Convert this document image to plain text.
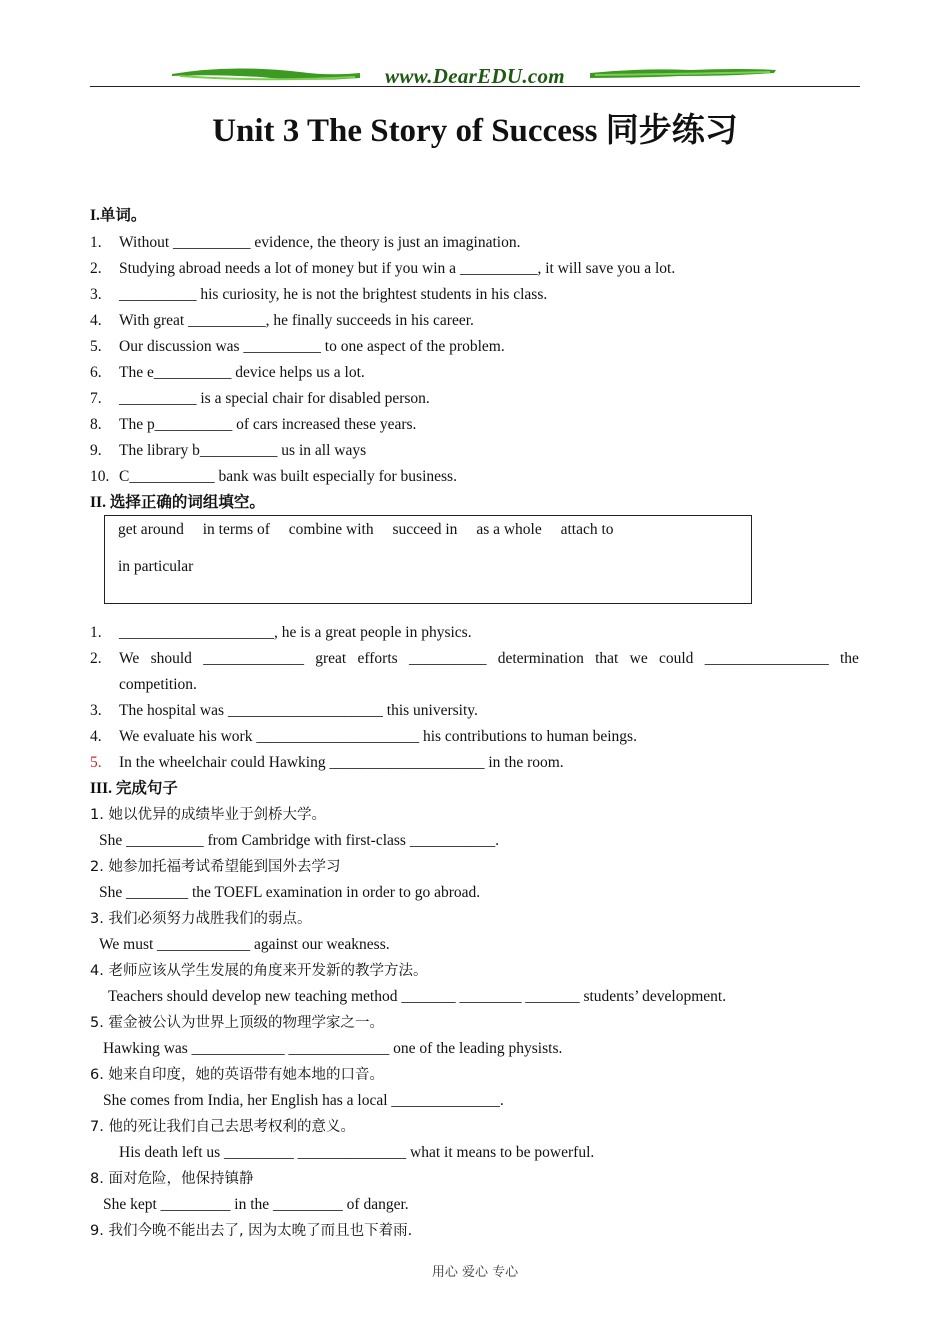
www.DearEDU.com
Unit 3 The Story of Success 同步练习
I.单词。
1. Without __________ evidence, the theory is just an imagination.
2. Studying abroad needs a lot of money but if you win a __________, it will save you a lot.
3. __________ his curiosity, he is not the brightest students in his class.
4. With great __________, he finally succeeds in his career.
5. Our discussion was __________ to one aspect of the problem.
6. The e__________ device helps us a lot.
7. __________ is a special chair for disabled person.
8. The p__________ of cars increased these years.
9. The library b__________ us in all ways
10. C___________ bank was built especially for business.
II. 选择正确的词组填空。
get around in terms of combine with succeed in as a whole attach to
in particular
1. ____________________, he is a great people in physics.
2.	We should _____________ great efforts __________ determination that we could ________________ the
competition.
3. The hospital was ____________________ this university.
4. We evaluate his work _____________________ his contributions to human beings.
5. In the wheelchair could Hawking ____________________ in the room.
III. 完成句子
1. 她以优异的成绩毕业于剑桥大学。
She __________ from Cambridge with first-class ___________.
2. 她参加托福考试希望能到国外去学习
She ________ the TOEFL examination in order to go abroad.
3. 我们必须努力战胜我们的弱点。
We must ____________ against our weakness.
4. 老师应该从学生发展的角度来开发新的教学方法。
Teachers should develop new teaching method _______ ________ _______ students’ development.
5. 霍金被公认为世界上顶级的物理学家之一。
Hawking was ____________ _____________ one of the leading physists.
6. 她来自印度，她的英语带有她本地的口音。
She comes from India, her English has a local ______________.
7. 他的死让我们自己去思考权利的意义。
His death left us _________ ______________ what it means to be powerful.
8. 面对危险，他保持镇静
She kept _________ in the _________ of danger.
9. 我们今晚不能出去了, 因为太晚了而且也下着雨.
用心 爱心 专心
